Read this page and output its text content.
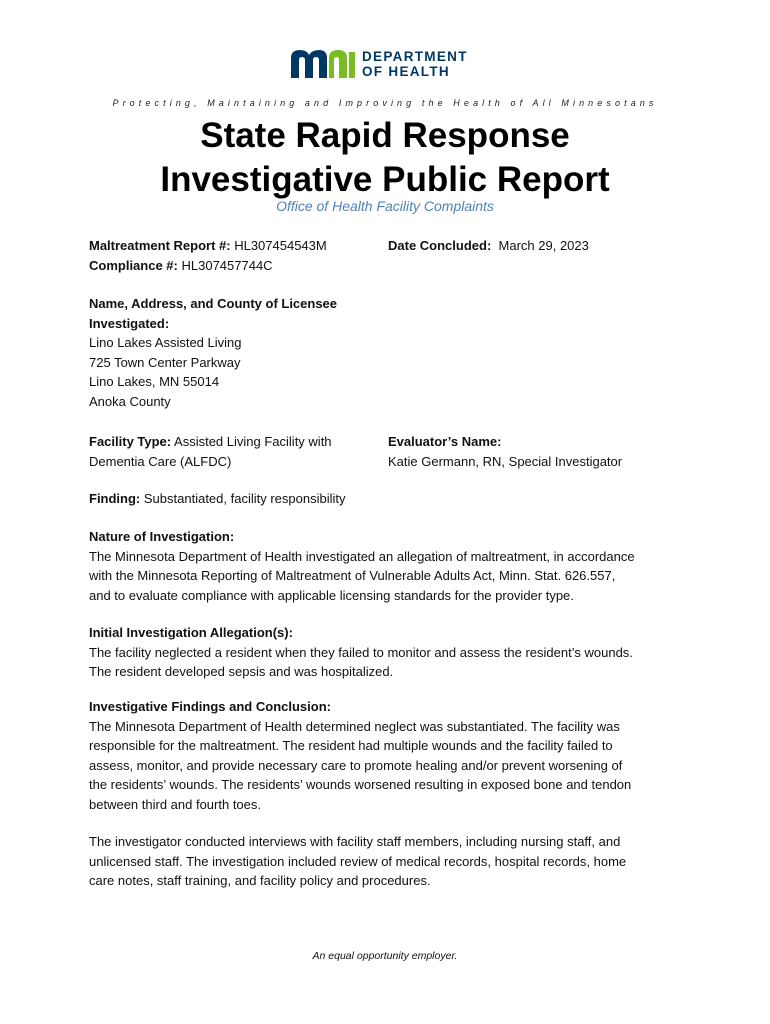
DEPARTMENT
OF HEALTH
Protecting, Maintaining and Improving the Health of All Minnesotans
State Rapid Response
Investigative Public Report
Office of Health Facility Complaints
Maltreatment Report #: HL307454543M
Compliance #: HL307457744C
Date Concluded: March 29, 2023
Name, Address, and County of Licensee
Investigated:
Lino Lakes Assisted Living
725 Town Center Parkway
Lino Lakes, MN 55014
Anoka County
Facility Type: Assisted Living Facility with
Dementia Care (ALFDC)
Evaluator’s Name:
Katie Germann, RN, Special Investigator
Finding: Substantiated, facility responsibility
Nature of Investigation:
The Minnesota Department of Health investigated an allegation of maltreatment, in accordance
with the Minnesota Reporting of Maltreatment of Vulnerable Adults Act, Minn. Stat. 626.557,
and to evaluate compliance with applicable licensing standards for the provider type.
Initial Investigation Allegation(s):
The facility neglected a resident when they failed to monitor and assess the resident’s wounds.
The resident developed sepsis and was hospitalized.
Investigative Findings and Conclusion:
The Minnesota Department of Health determined neglect was substantiated. The facility was
responsible for the maltreatment. The resident had multiple wounds and the facility failed to
assess, monitor, and provide necessary care to promote healing and/or prevent worsening of
the residents’ wounds. The residents’ wounds worsened resulting in exposed bone and tendon
between third and fourth toes.
The investigator conducted interviews with facility staff members, including nursing staff, and
unlicensed staff. The investigation included review of medical records, hospital records, home
care notes, staff training, and facility policy and procedures.
An equal opportunity employer.
